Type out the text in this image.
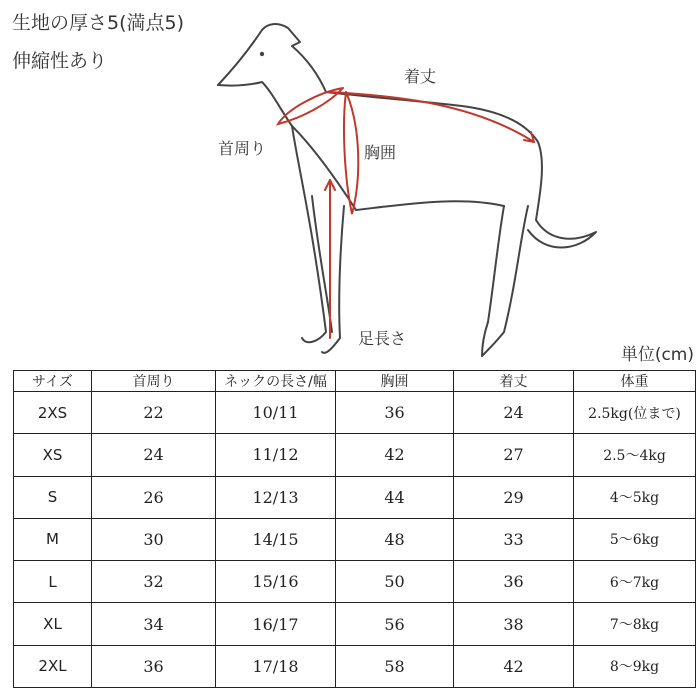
生地の厚さ5(満点5)
伸縮性あり
着丈
首周り	胸囲
足長さ
単位(cm)
サイズ	首周り	ネックの長さ/幅	胸囲	着丈	体重
2XS	22	10/11	36	24	2.5kg(位まで)
XS	24	11/12	42	27	2.5～4kg
S	26	12/13	44	29	4～5kg
M	30	14/15	48	33	5～6kg
L	32	15/16	50	36	6～7kg
XL	34	16/17	56	38	7～8kg
2XL	36	17/18	58	42	8～9kg
